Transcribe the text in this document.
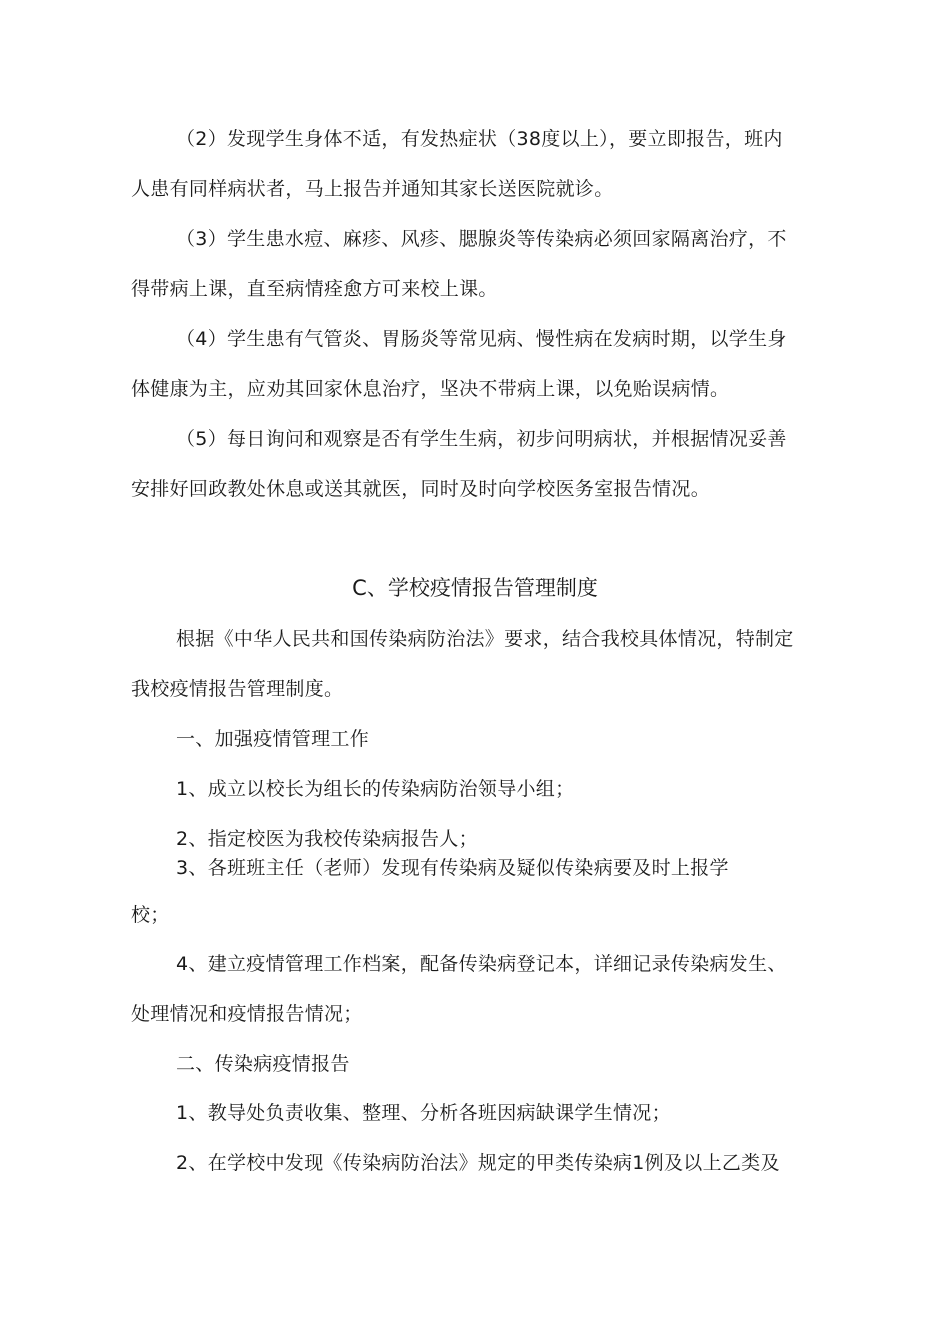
（2）发现学生身体不适，有发热症状（38度以上），要立即报告，班内
人患有同样病状者，马上报告并通知其家长送医院就诊。
（3）学生患水痘、麻疹、风疹、腮腺炎等传染病必须回家隔离治疗，不
得带病上课，直至病情痊愈方可来校上课。
（4）学生患有气管炎、胃肠炎等常见病、慢性病在发病时期，以学生身
体健康为主，应劝其回家休息治疗，坚决不带病上课，以免贻误病情。
（5）每日询问和观察是否有学生生病，初步问明病状，并根据情况妥善
安排好回政教处休息或送其就医，同时及时向学校医务室报告情况。
C、学校疫情报告管理制度
根据《中华人民共和国传染病防治法》要求，结合我校具体情况，特制定
我校疫情报告管理制度。
一、加强疫情管理工作
1、成立以校长为组长的传染病防治领导小组；
2、指定校医为我校传染病报告人；
3、各班班主任（老师）发现有传染病及疑似传染病要及时上报学
校；
4、建立疫情管理工作档案，配备传染病登记本，详细记录传染病发生、
处理情况和疫情报告情况；
二、传染病疫情报告
1、教导处负责收集、整理、分析各班因病缺课学生情况；
2、在学校中发现《传染病防治法》规定的甲类传染病1例及以上乙类及
